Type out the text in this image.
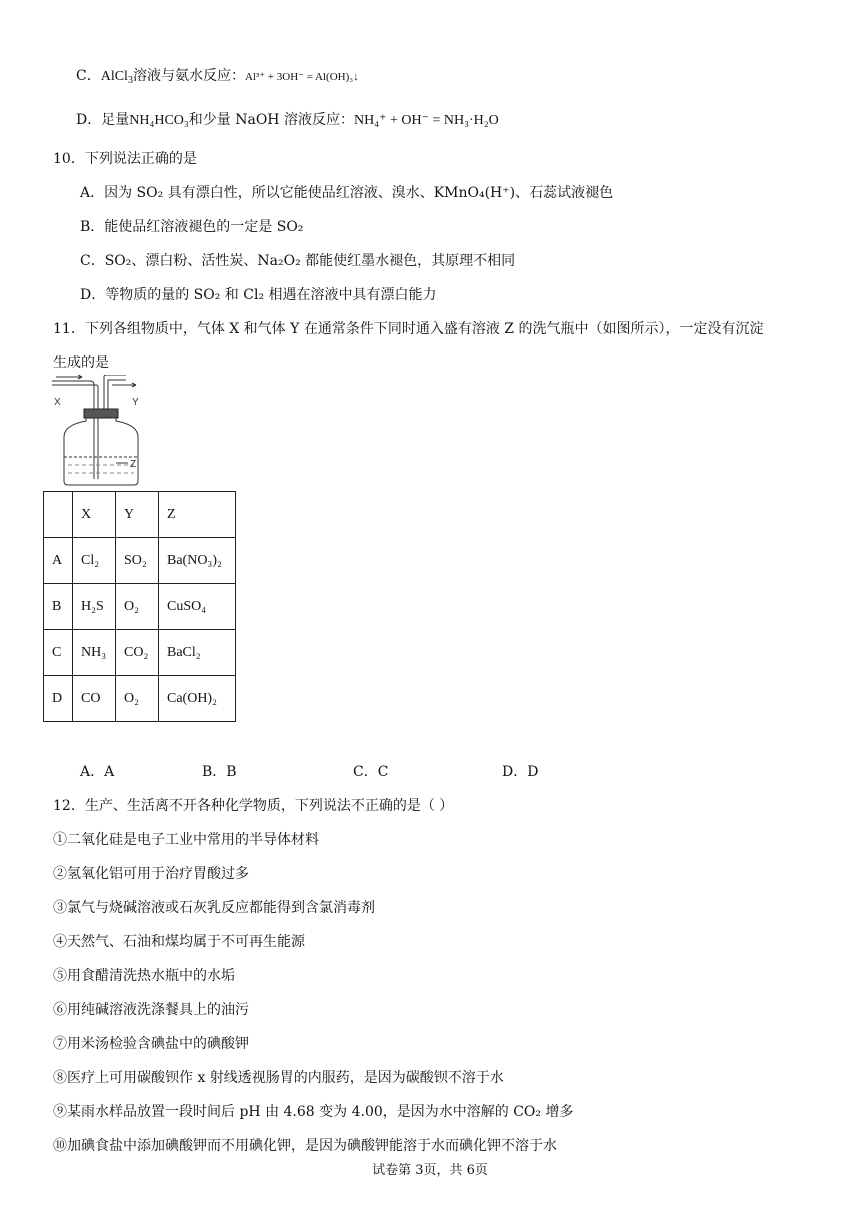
C．AlCl$_3$溶液与氨水反应：Al³⁺ + 3OH⁻ = Al(OH)₃↓
D．足量NH₄HCO₃和少量 NaOH 溶液反应：NH₄⁺ + OH⁻ = NH₃·H₂O
10．下列说法正确的是
A．因为 SO₂ 具有漂白性，所以它能使品红溶液、溴水、KMnO₄(H⁺)、石蕊试液褪色
B．能使品红溶液褪色的一定是 SO₂
C．SO₂、漂白粉、活性炭、Na₂O₂ 都能使红墨水褪色，其原理不相同
D．等物质的量的 SO₂ 和 Cl₂ 相遇在溶液中具有漂白能力
11．下列各组物质中，气体 X 和气体 Y 在通常条件下同时通入盛有溶液 Z 的洗气瓶中（如图所示），一定没有沉淀
生成的是
X	Y
Z
	X	Y	Z
A	Cl₂	SO₂	Ba(NO₃)₂
B	H₂S	O₂	CuSO₄
C	NH₃	CO₂	BaCl₂
D	CO	O₂	Ca(OH)₂
A．A	B．B	C．C	D．D
12．生产、生活离不开各种化学物质，下列说法不正确的是（ ）
①二氧化硅是电子工业中常用的半导体材料
②氢氧化铝可用于治疗胃酸过多
③氯气与烧碱溶液或石灰乳反应都能得到含氯消毒剂
④天然气、石油和煤均属于不可再生能源
⑤用食醋清洗热水瓶中的水垢
⑥用纯碱溶液洗涤餐具上的油污
⑦用米汤检验含碘盐中的碘酸钾
⑧医疗上可用碳酸钡作 x 射线透视肠胃的内服药，是因为碳酸钡不溶于水
⑨某雨水样品放置一段时间后 pH 由 4.68 变为 4.00，是因为水中溶解的 CO₂ 增多
⑩加碘食盐中添加碘酸钾而不用碘化钾，是因为碘酸钾能溶于水而碘化钾不溶于水
试卷第 3页，共 6页
